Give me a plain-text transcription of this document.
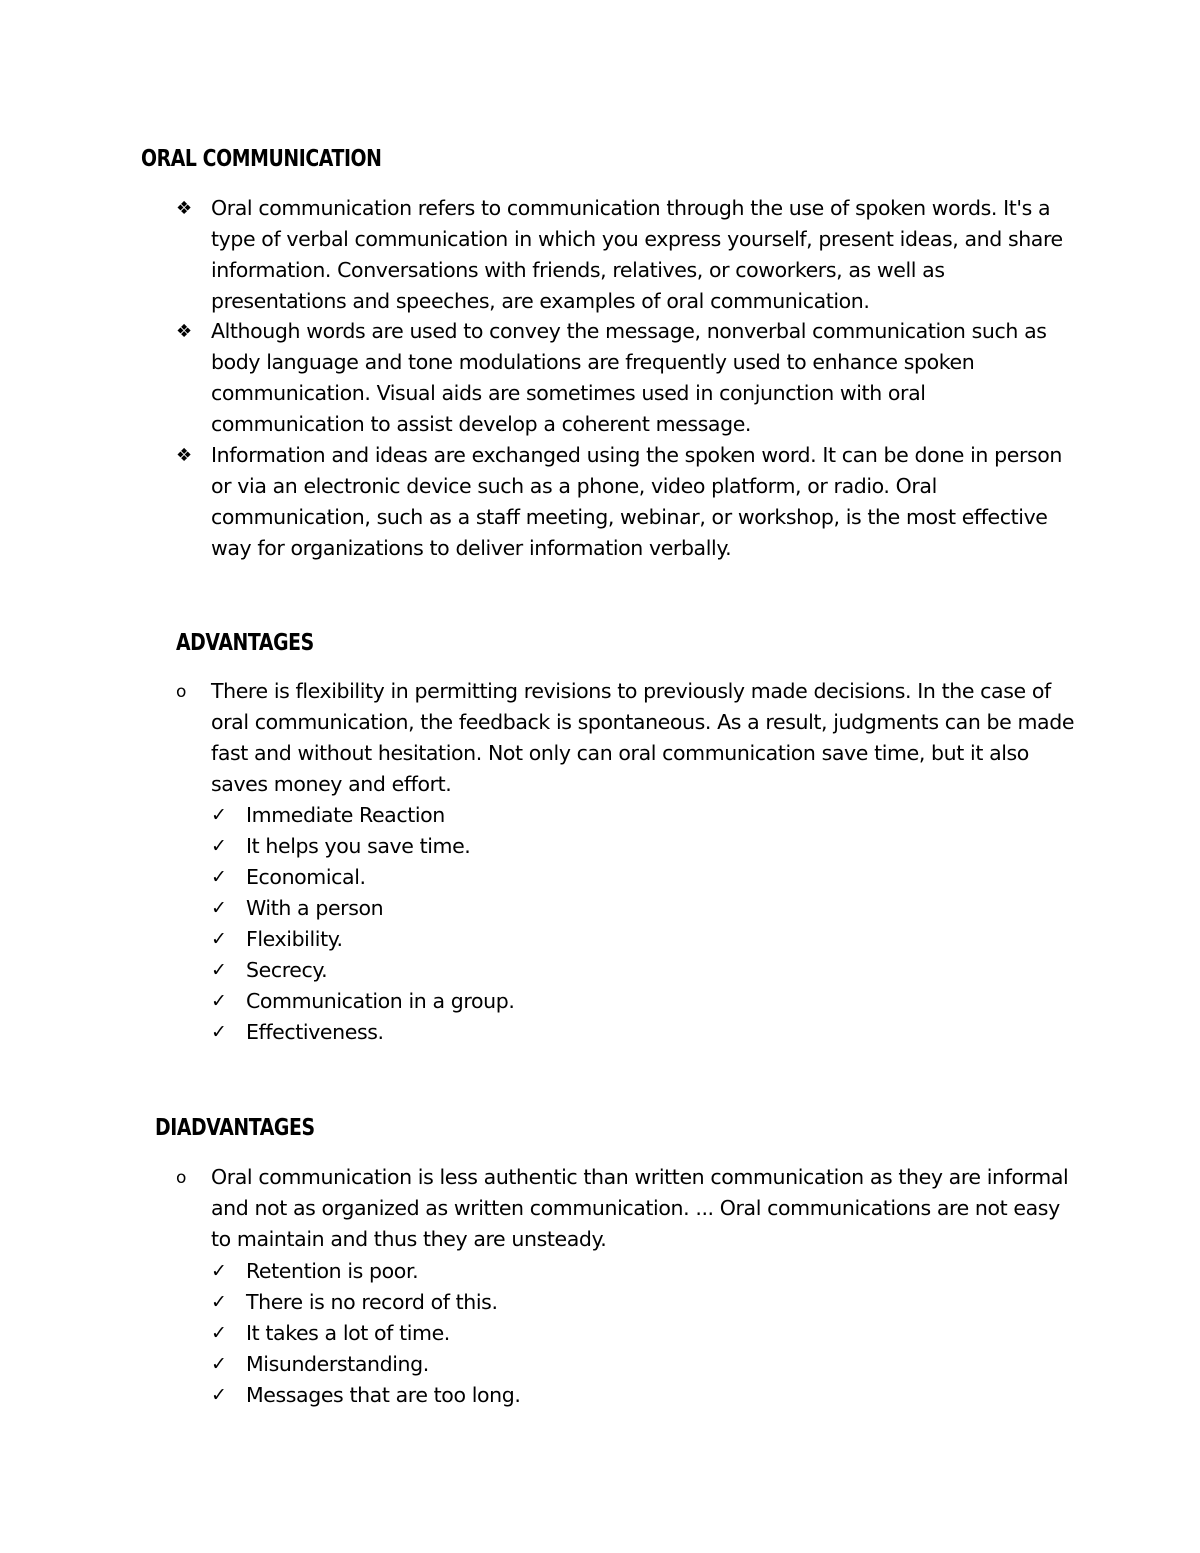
ORAL COMMUNICATION
❖ Oral communication refers to communication through the use of spoken words. It's a type of verbal communication in which you express yourself, present ideas, and share information. Conversations with friends, relatives, or coworkers, as well as presentations and speeches, are examples of oral communication.
❖ Although words are used to convey the message, nonverbal communication such as body language and tone modulations are frequently used to enhance spoken communication. Visual aids are sometimes used in conjunction with oral communication to assist develop a coherent message.
❖ Information and ideas are exchanged using the spoken word. It can be done in person or via an electronic device such as a phone, video platform, or radio. Oral communication, such as a staff meeting, webinar, or workshop, is the most effective way for organizations to deliver information verbally.
ADVANTAGES
o	There is flexibility in permitting revisions to previously made decisions. In the case of oral communication, the feedback is spontaneous. As a result, judgments can be made fast and without hesitation. Not only can oral communication save time, but it also saves money and effort.
✓ Immediate Reaction
✓ It helps you save time.
✓ Economical.
✓ With a person
✓ Flexibility.
✓ Secrecy.
✓ Communication in a group.
✓ Effectiveness.
DIADVANTAGES
o	Oral communication is less authentic than written communication as they are informal and not as organized as written communication. ... Oral communications are not easy to maintain and thus they are unsteady.
✓ Retention is poor.
✓ There is no record of this.
✓ It takes a lot of time.
✓ Misunderstanding.
✓ Messages that are too long.
